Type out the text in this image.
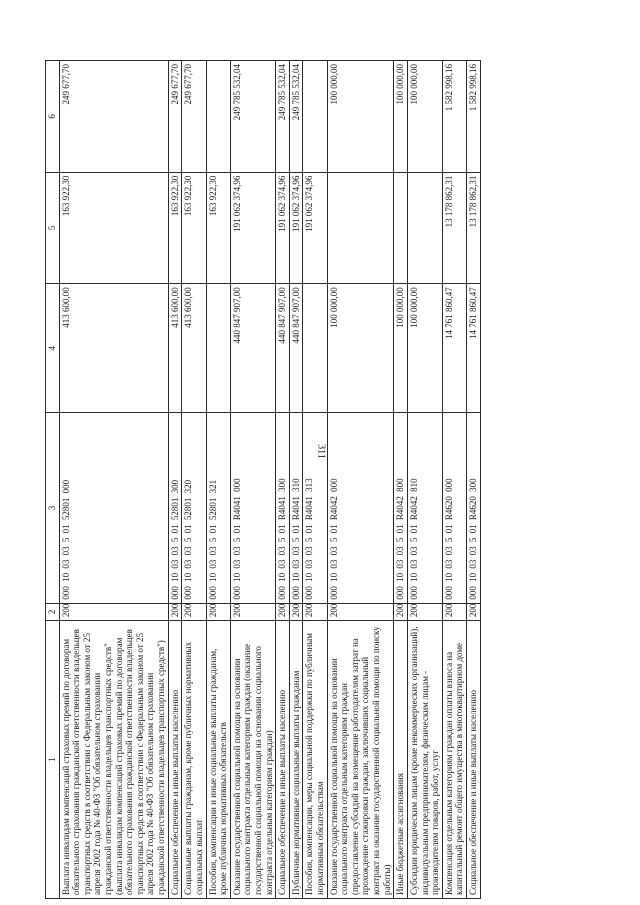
311
1	2	3	4	5	6
Выплата инвалидам компенсаций страховых премий по договорам обязательного страхования гражданской ответственности владельцев транспортных средств в соответствии с Федеральным законом от 25 апреля 2002 года № 40-ФЗ "Об обязательном страховании гражданской ответственности владельцев транспортных средств" (выплата инвалидам компенсаций страховых премий по договорам обязательного страхования гражданской ответственности владельцев транспортных средств в соответствии с Федеральным законом от 25 апреля 2002 года № 40-ФЗ "Об обязательном страховании гражданской ответственности владельцев транспортных средств")	200	000 10 03 03 5 01 52801 000	413 600,00	163 922,30	249 677,70
Социальное обеспечение и иные выплаты населению	200	000 10 03 03 5 01 52801 300	413 600,00	163 922,30	249 677,70
Социальные выплаты гражданам, кроме публичных нормативных социальных выплат	200	000 10 03 03 5 01 52801 320	413 600,00	163 922,30	249 677,70
Пособия, компенсации и иные социальные выплаты гражданам, кроме публичных нормативных обязательств	200	000 10 03 03 5 01 52801 321		163 922,30	
Оказание государственной социальной помощи на основании социального контракта отдельным категориям граждан (оказание государственной социальной помощи на основании социального контракта отдельным категориям граждан)	200	000 10 03 03 5 01 R4041 000	440 847 907,00	191 062 374,96	249 785 532,04
Социальное обеспечение и иные выплаты населению	200	000 10 03 03 5 01 R4041 300	440 847 907,00	191 062 374,96	249 785 532,04
Публичные нормативные социальные выплаты гражданам	200	000 10 03 03 5 01 R4041 310	440 847 907,00	191 062 374,96	249 785 532,04
Пособия, компенсации, меры социальной поддержки по публичным нормативным обязательствам	200	000 10 03 03 5 01 R4041 313		191 062 374,96	
Оказание государственной социальной помощи на основании социального контракта отдельным категориям граждан (предоставление субсидий на возмещение работодателям затрат на прохождение стажировки граждан, заключивших социальный контракт на оказание государственной социальной помощи по поиску работы)	200	000 10 03 03 5 01 R4042 000	100 000,00		100 000,00
Иные бюджетные ассигнования	200	000 10 03 03 5 01 R4042 800	100 000,00		100 000,00
Субсидии юридическим лицам (кроме некоммерческих организаций), индивидуальным предпринимателям, физическим лицам - производителям товаров, работ, услуг	200	000 10 03 03 5 01 R4042 810	100 000,00		100 000,00
Компенсация отдельным категориям граждан оплаты взноса на капитальный ремонт общего имущества в многоквартирном доме	200	000 10 03 03 5 01 R4620 000	14 761 860,47	13 178 862,31	1 582 998,16
Социальное обеспечение и иные выплаты населению	200	000 10 03 03 5 01 R4620 300	14 761 860,47	13 178 862,31	1 582 998,16
